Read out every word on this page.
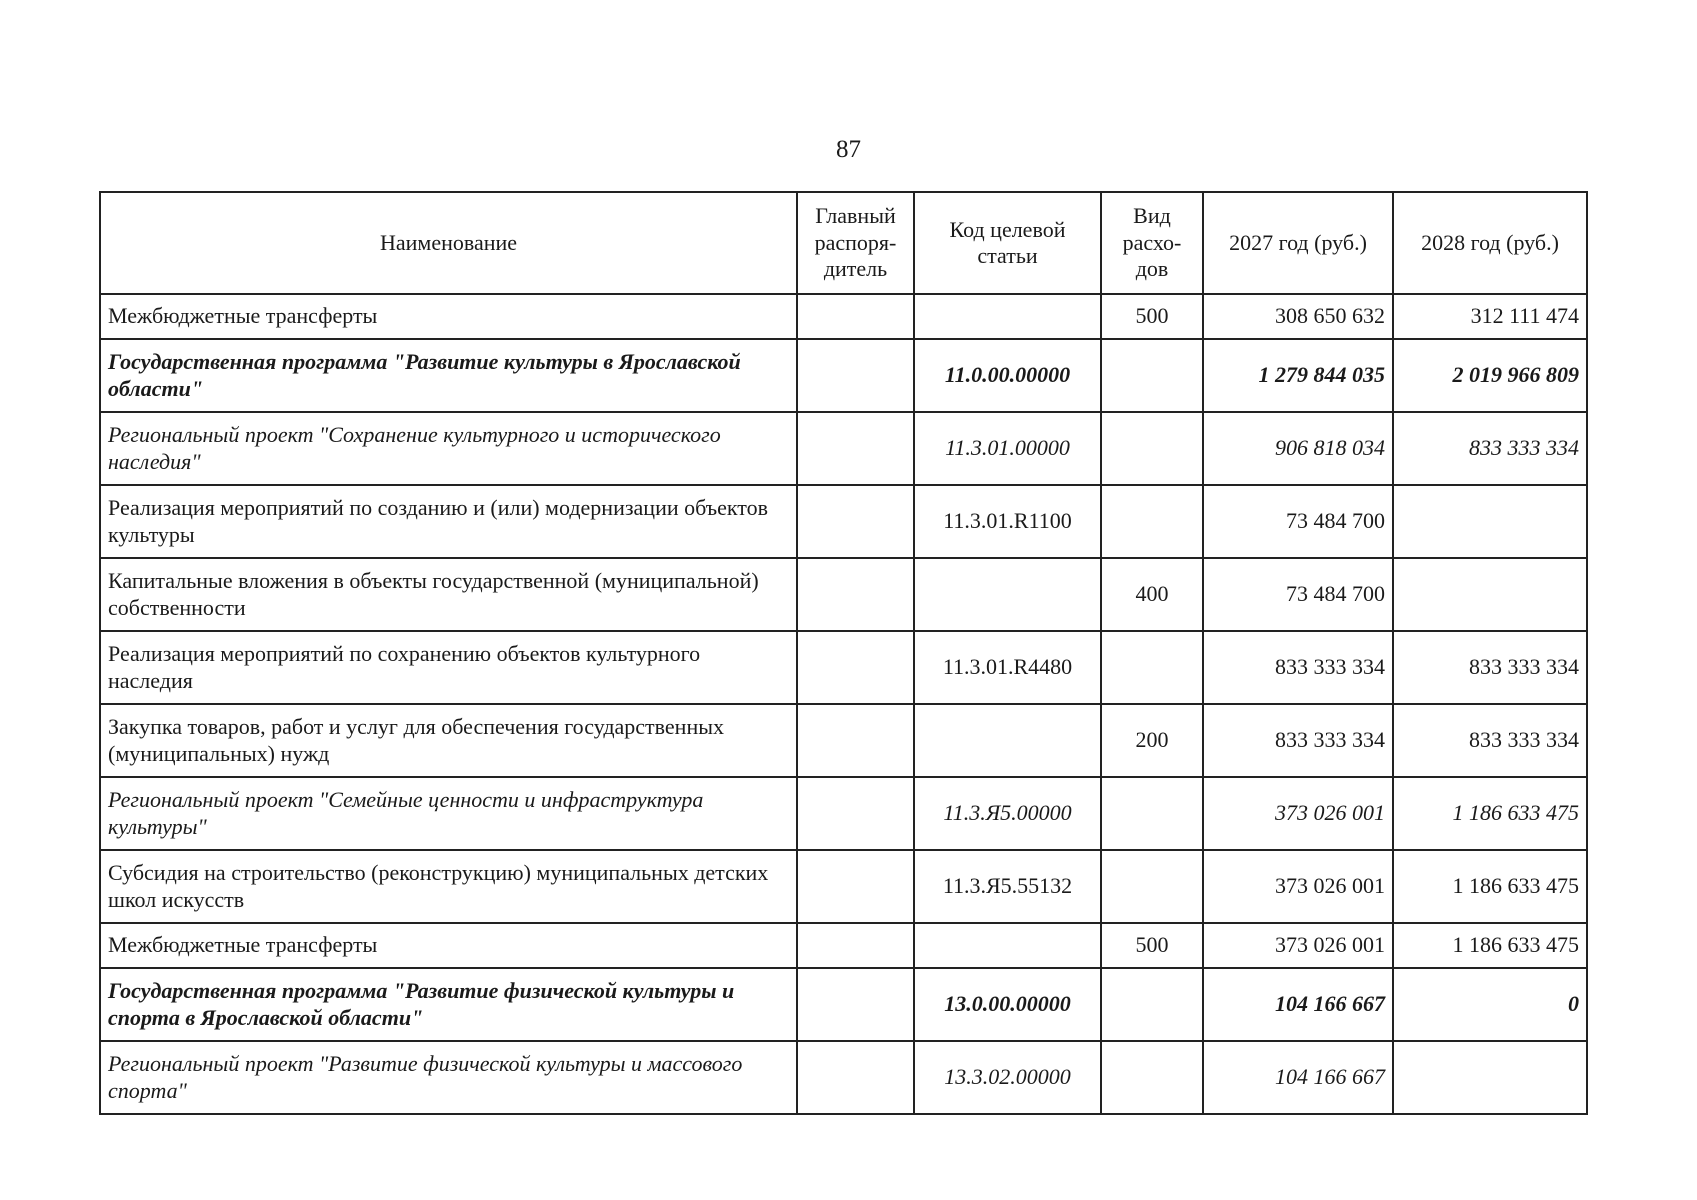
87
Наименование	Главный распоря- дитель	Код целевой статьи	Вид расхо- дов	2027 год (руб.)	2028 год (руб.)
Межбюджетные трансферты			500	308 650 632	312 111 474
Государственная программа "Развитие культуры в Ярославской области"		11.0.00.00000		1 279 844 035	2 019 966 809
Региональный проект "Сохранение культурного и исторического наследия"		11.3.01.00000		906 818 034	833 333 334
Реализация мероприятий по созданию и (или) модернизации объектов культуры		11.3.01.R1100		73 484 700	
Капитальные вложения в объекты государственной (муниципальной) собственности			400	73 484 700	
Реализация мероприятий по сохранению объектов культурного наследия		11.3.01.R4480		833 333 334	833 333 334
Закупка товаров, работ и услуг для обеспечения государственных (муниципальных) нужд			200	833 333 334	833 333 334
Региональный проект "Семейные ценности и инфраструктура культуры"		11.3.Я5.00000		373 026 001	1 186 633 475
Субсидия на строительство (реконструкцию) муниципальных детских школ искусств		11.3.Я5.55132		373 026 001	1 186 633 475
Межбюджетные трансферты			500	373 026 001	1 186 633 475
Государственная программа "Развитие физической культуры и спорта в Ярославской области"		13.0.00.00000		104 166 667	0
Региональный проект "Развитие физической культуры и массового спорта"		13.3.02.00000		104 166 667	
